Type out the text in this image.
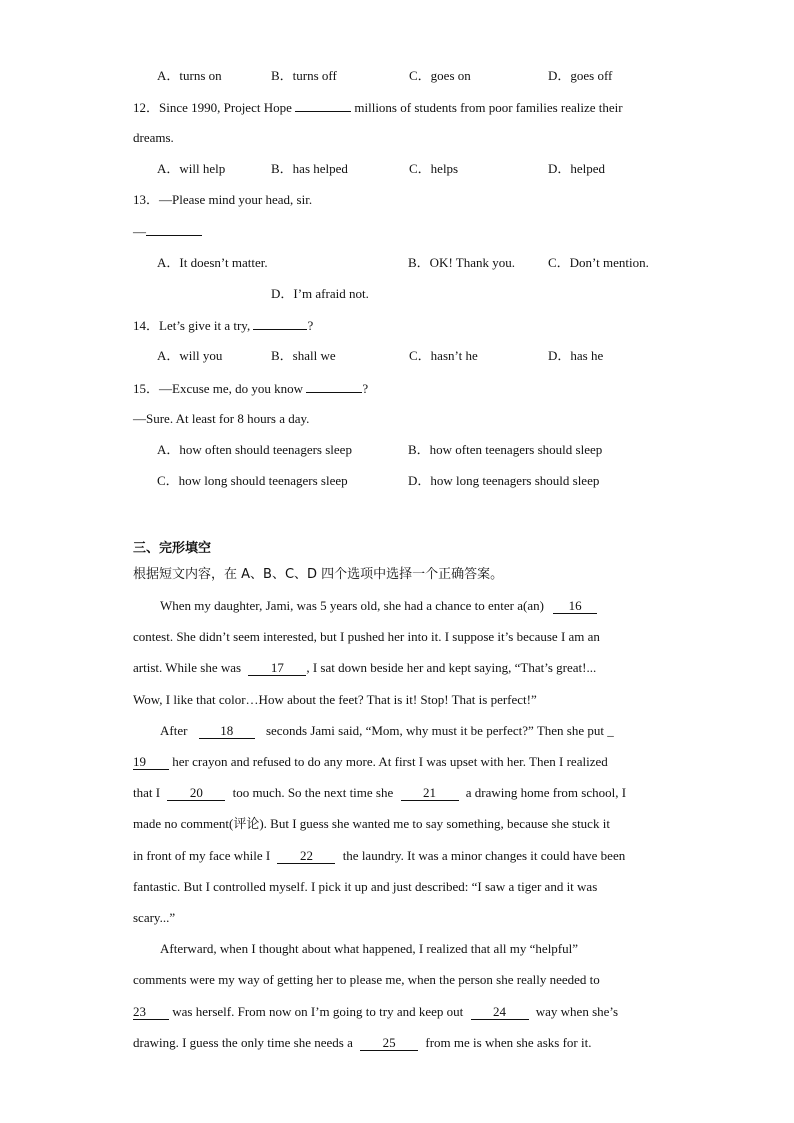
A．turns on	B．turns off	C．goes on	D．goes off
12．Since 1990, Project Hope	millions of students from poor families realize their
dreams.
A．will help	B．has helped	C．helps	D．helped
13．—Please mind your head, sir.
—
A．It doesn’t matter.	B．OK! Thank you.	C．Don’t mention.
D．I’m afraid not.
14．Let’s give it a try,	?
A．will you	B．shall we	C．hasn’t he	D．has he
15．—Excuse me, do you know	?
—Sure. At least for 8 hours a day.
A．how often should teenagers sleep	B．how often teenagers should sleep
C．how long should teenagers sleep	D．how long teenagers should sleep
三、完形填空
根据短文内容，在 A、B、C、D 四个选项中选择一个正确答案。
When my daughter, Jami, was 5 years old, she had a chance to enter a(an) 16
contest. She didn’t seem interested, but I pushed her into it. I suppose it’s because I am an
artist. While she was 17 , I sat down beside her and kept saying, “That’s great!...
Wow, I like that color…How about the feet? That is it! Stop! That is perfect!”
After	18	seconds Jami said, “Mom, why must it be perfect?” Then she put _
19 her crayon and refused to do any more. At first I was upset with her. Then I realized
that I 20 too much. So the next time she 21 a drawing home from school, I
made no comment(评论). But I guess she wanted me to say something, because she stuck it
in front of my face while I 22 the laundry. It was a minor changes it could have been
fantastic. But I controlled myself. I pick it up and just described: “I saw a tiger and it was
scary...”
Afterward, when I thought about what happened, I realized that all my “helpful”
comments were my way of getting her to please me, when the person she really needed to
23 was herself. From now on I’m going to try and keep out 24 way when she’s
drawing. I guess the only time she needs a 25 from me is when she asks for it.
